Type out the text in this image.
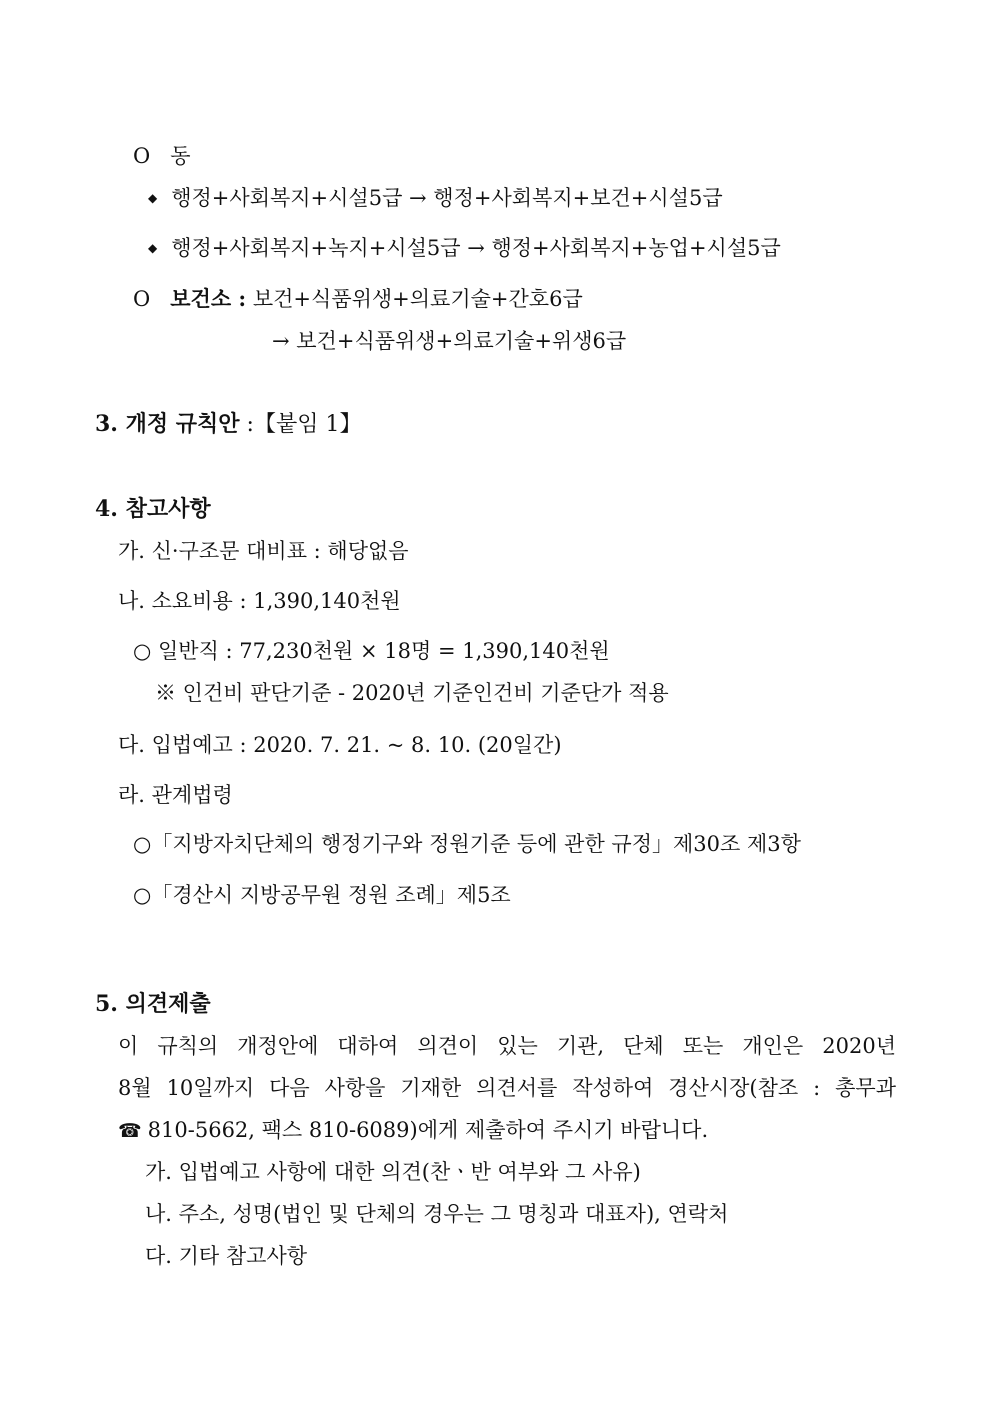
O 동
◆ 행정+사회복지+시설5급 → 행정+사회복지+보건+시설5급
◆ 행정+사회복지+녹지+시설5급 → 행정+사회복지+농업+시설5급
O 보건소 : 보건+식품위생+의료기술+간호6급
→ 보건+식품위생+의료기술+위생6급
3. 개정 규칙안 :【붙임 1】
4. 참고사항
가. 신·구조문 대비표 : 해당없음
나. 소요비용 : 1,390,140천원
○ 일반직 : 77,230천원 × 18명 = 1,390,140천원
※ 인건비 판단기준 - 2020년 기준인건비 기준단가 적용
다. 입법예고 : 2020. 7. 21. ~ 8. 10. (20일간)
라. 관계법령
○「지방자치단체의 행정기구와 정원기준 등에 관한 규정」제30조 제3항
○「경산시 지방공무원 정원 조례」제5조
5. 의견제출
이 규칙의 개정안에 대하여 의견이 있는 기관, 단체 또는 개인은 2020년
8월 10일까지 다음 사항을 기재한 의견서를 작성하여 경산시장(참조 : 총무과
☎ 810-5662, 팩스 810-6089)에게 제출하여 주시기 바랍니다.
가. 입법예고 사항에 대한 의견(찬ㆍ반 여부와 그 사유)
나. 주소, 성명(법인 및 단체의 경우는 그 명칭과 대표자), 연락처
다. 기타 참고사항
